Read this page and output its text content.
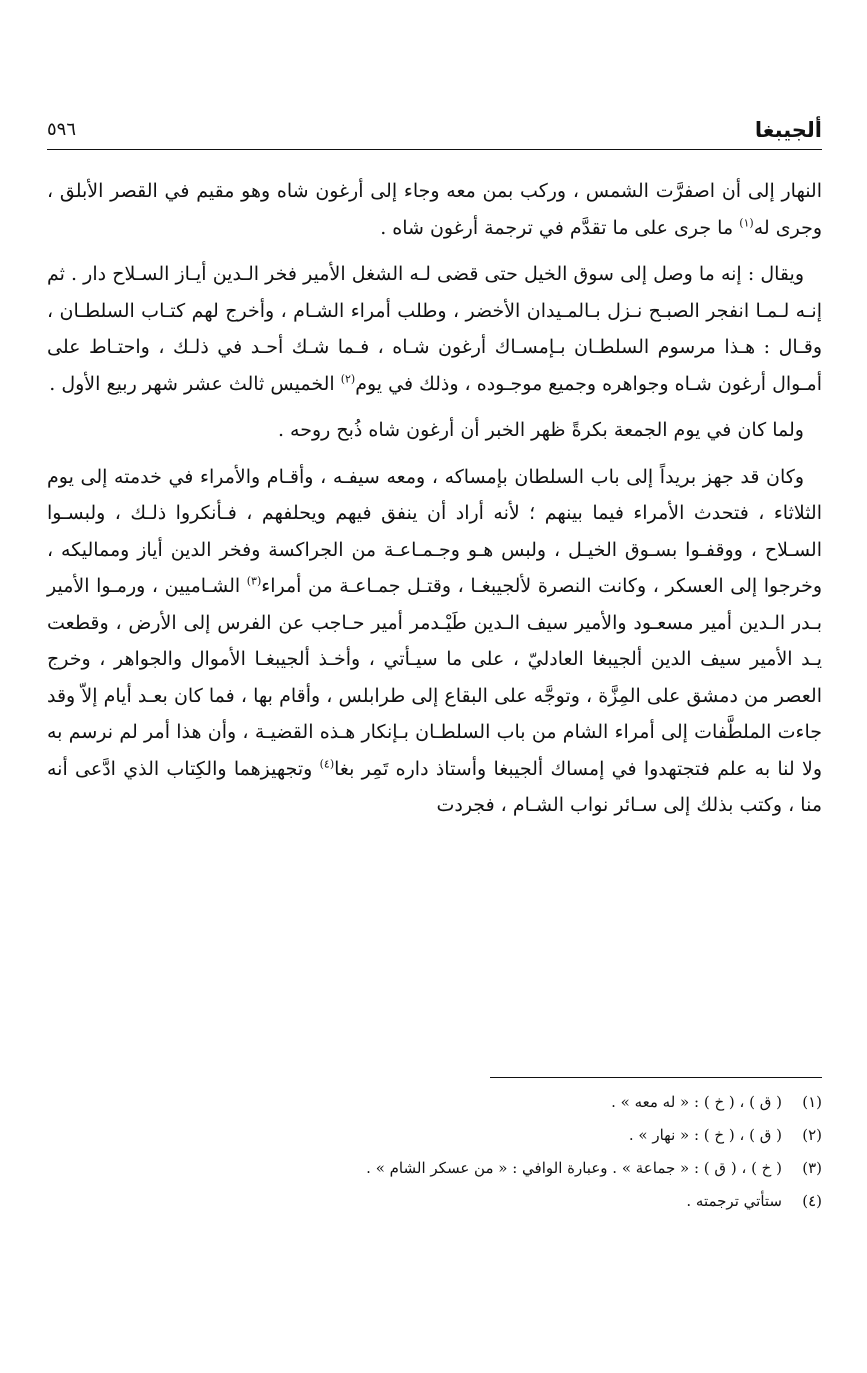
ألجيبغا
٥٩٦

النهار إلى أن اصفرَّت الشمس ، وركب بمن معه وجاء إلى أرغون شاه وهو مقيم في القصر الأبلق ، وجرى له$^{(١)}$ ما جرى على ما تقدَّم في ترجمة أرغون شاه .

ويقال : إنه ما وصل إلى سوق الخيل حتى قضى لـه الشغل الأمير فخر الـدين أيـاز السـلاح دار . ثم إنـه لـمـا انفجر الصبـح نـزل بـالمـيدان الأخضر ، وطلب أمراء الشـام ، وأخرج لهم كتـاب السلطـان ، وقـال : هـذا مرسوم السلطـان بـإمسـاك أرغون شـاه ، فـما شـك أحـد في ذلـك ، واحتـاط على أمـوال أرغون شـاه وجواهره وجميع موجـوده ، وذلك في يوم$^{(٢)}$ الخميس ثالث عشر شهر ربيع الأول .

ولما كان في يوم الجمعة بكرةً ظهر الخبر أن أرغون شاه ذُبح روحه .

وكان قد جهز بريداً إلى باب السلطان بإمساكه ، ومعه سيفـه ، وأقـام والأمراء في خدمته إلى يوم الثلاثاء ، فتحدث الأمراء فيما بينهم ؛ لأنه أراد أن ينفق فيهم ويحلفهم ، فـأنكروا ذلـك ، ولبسـوا السـلاح ، ووقفـوا بسـوق الخيـل ، ولبس هـو وجـمـاعـة من الجراكسة وفخر الدين أياز ومماليكه ، وخرجوا إلى العسكر ، وكانت النصرة لألجيبغـا ، وقتـل جمـاعـة من أمراء$^{(٣)}$ الشـاميين ، ورمـوا الأمير بـدر الـدين أمير مسعـود والأمير سيف الـدين طَيْـدمر أمير حـاجب عن الفرس إلى الأرض ، وقطعت يـد الأمير سيف الدين ألجيبغا العادليّ ، على ما سيـأتي ، وأخـذ ألجيبغـا الأموال والجواهر ، وخرج العصر من دمشق على المِزَّة ، وتوجَّه على البقاع إلى طرابلس ، وأقام بها ، فما كان بعـد أيام إلاّ وقد جاءت الملطَّفات إلى أمراء الشام من باب السلطـان بـإنكار هـذه القضيـة ، وأن هذا أمر لم نرسم به ولا لنا به علم فتجتهدوا في إمساك ألجيبغا وأستاذ داره تَمِر بغا$^{(٤)}$ وتجهيزهما والكِتاب الذي ادَّعى أنه منا ، وكتب بذلك إلى سـائر نواب الشـام ، فجردت

(١)
( ق ) ، ( خ ) : « له معه » .
(٢)
( ق ) ، ( خ ) : « نهار » .
(٣)
( خ ) ، ( ق ) : « جماعة » . وعبارة الوافي : « من عسكر الشام » .
(٤)
ستأتي ترجمته .
